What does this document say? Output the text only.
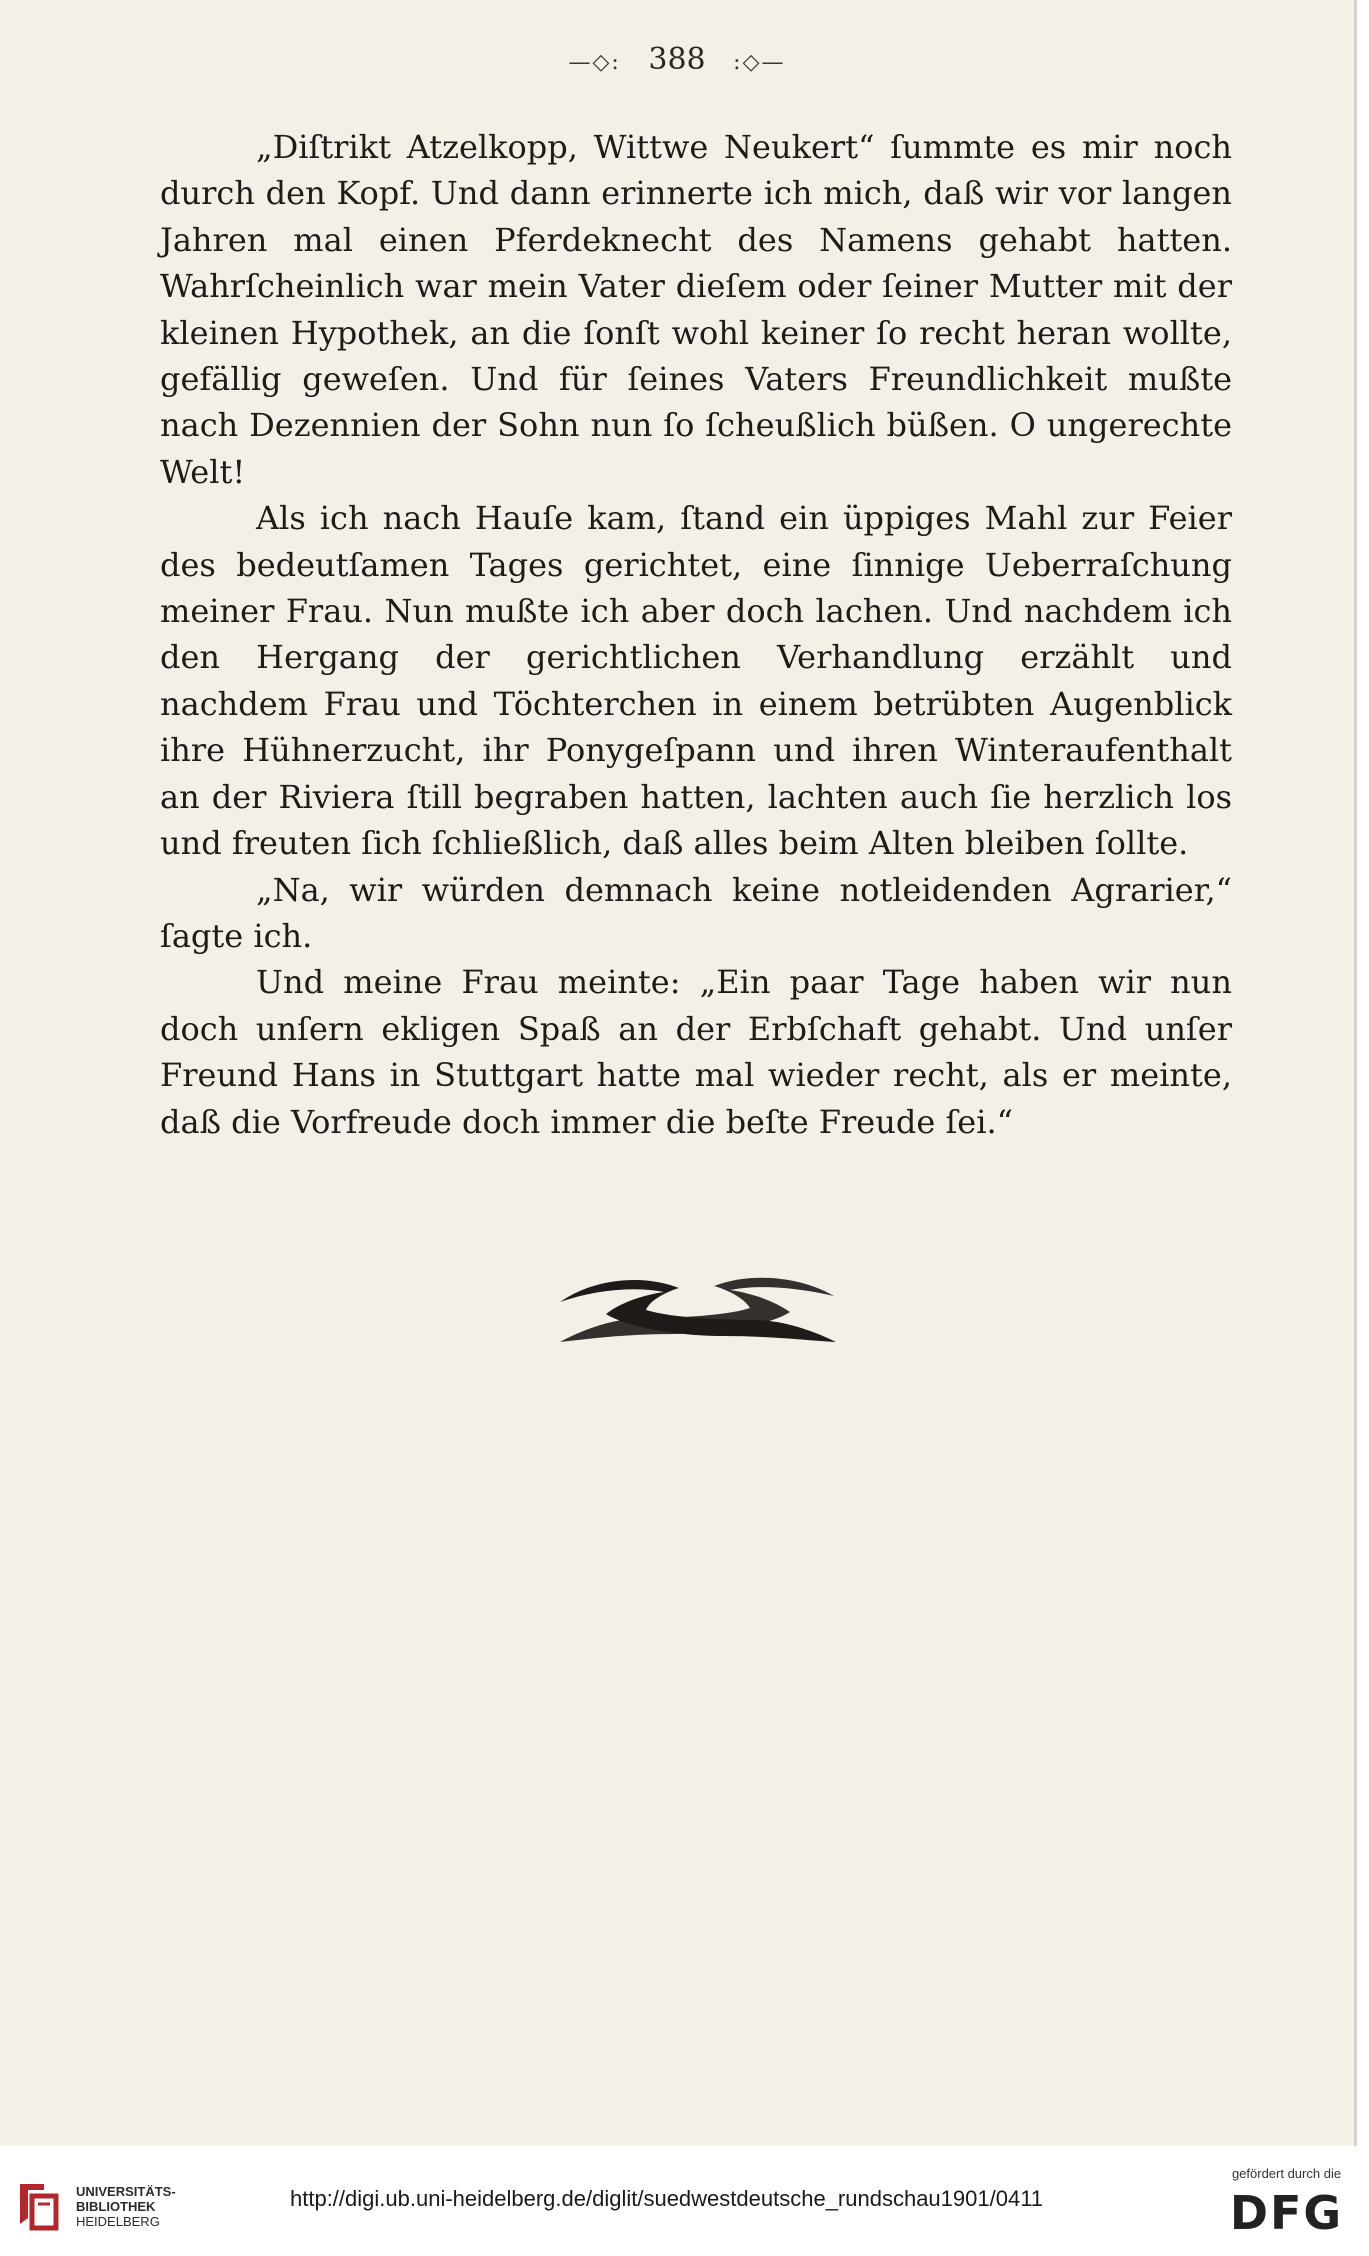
—◇: 388 :◇—

„Diſtrikt Atzelkopp, Wittwe Neukert“ ſummte es mir noch durch den Kopf. Und dann erinnerte ich mich, daß wir vor langen Jahren mal einen Pferdeknecht des Namens gehabt hatten. Wahrſcheinlich war mein Vater dieſem oder ſeiner Mutter mit der kleinen Hypothek, an die ſonſt wohl keiner ſo recht heran wollte, gefällig geweſen. Und für ſeines Vaters Freundlichkeit mußte nach Dezennien der Sohn nun ſo ſcheußlich büßen. O ungerechte Welt!

Als ich nach Hauſe kam, ſtand ein üppiges Mahl zur Feier des bedeutſamen Tages gerichtet, eine ſinnige Ueberraſchung meiner Frau. Nun mußte ich aber doch lachen. Und nachdem ich den Hergang der gerichtlichen Verhandlung erzählt und nachdem Frau und Töchterchen in einem betrübten Augenblick ihre Hühnerzucht, ihr Ponygeſpann und ihren Winteraufenthalt an der Riviera ſtill begraben hatten, lachten auch ſie herzlich los und freuten ſich ſchließlich, daß alles beim Alten bleiben ſollte.

„Na, wir würden demnach keine notleidenden Agrarier,“ ſagte ich.

Und meine Frau meinte: „Ein paar Tage haben wir nun doch unſern ekligen Spaß an der Erbſchaft gehabt. Und unſer Freund Hans in Stuttgart hatte mal wieder recht, als er meinte, daß die Vorfreude doch immer die beſte Freude ſei.“

UNIVERSITÄTS-
BIBLIOTHEK
HEIDELBERG
http://digi.ub.uni-heidelberg.de/diglit/suedwestdeutsche_rundschau1901/0411
gefördert durch die
DFG
